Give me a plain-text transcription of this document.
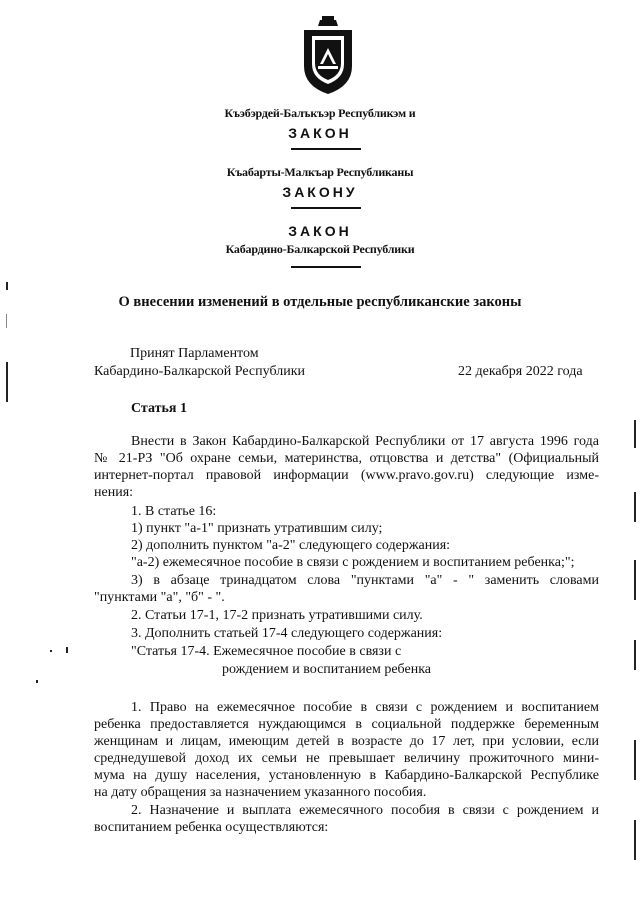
Къэбэрдей-Балъкъэр Республикэм и
ЗАКОН
Къабарты-Малкъар Республиканы
ЗАКОНУ
ЗАКОН
Кабардино-Балкарской Республики
О внесении изменений в отдельные республиканские законы
Принят Парламентом
Кабардино-Балкарской Республики	22 декабря 2022 года
Статья 1
Внести в Закон Кабардино-Балкарской Республики от 17 августа 1996 года
№ 21-РЗ "Об охране семьи, материнства, отцовства и детства" (Официальный
интернет-портал правовой информации (www.pravo.gov.ru) следующие изме-
нения:
1. В статье 16:
1) пункт "а-1" признать утратившим силу;
2) дополнить пунктом "а-2" следующего содержания:
"а-2) ежемесячное пособие в связи с рождением и воспитанием ребенка;";
3) в абзаце тринадцатом слова "пунктами "а" - " заменить словами
"пунктами "а", "б" - ".
2. Статьи 17-1, 17-2 признать утратившими силу.
3. Дополнить статьей 17-4 следующего содержания:
"Статья 17-4. Ежемесячное пособие в связи с
рождением и воспитанием ребенка
1. Право на ежемесячное пособие в связи с рождением и воспитанием
ребенка предоставляется нуждающимся в социальной поддержке беременным
женщинам и лицам, имеющим детей в возрасте до 17 лет, при условии, если
среднедушевой доход их семьи не превышает величину прожиточного мини-
мума на душу населения, установленную в Кабардино-Балкарской Республике
на дату обращения за назначением указанного пособия.
2. Назначение и выплата ежемесячного пособия в связи с рождением и
воспитанием ребенка осуществляются:
